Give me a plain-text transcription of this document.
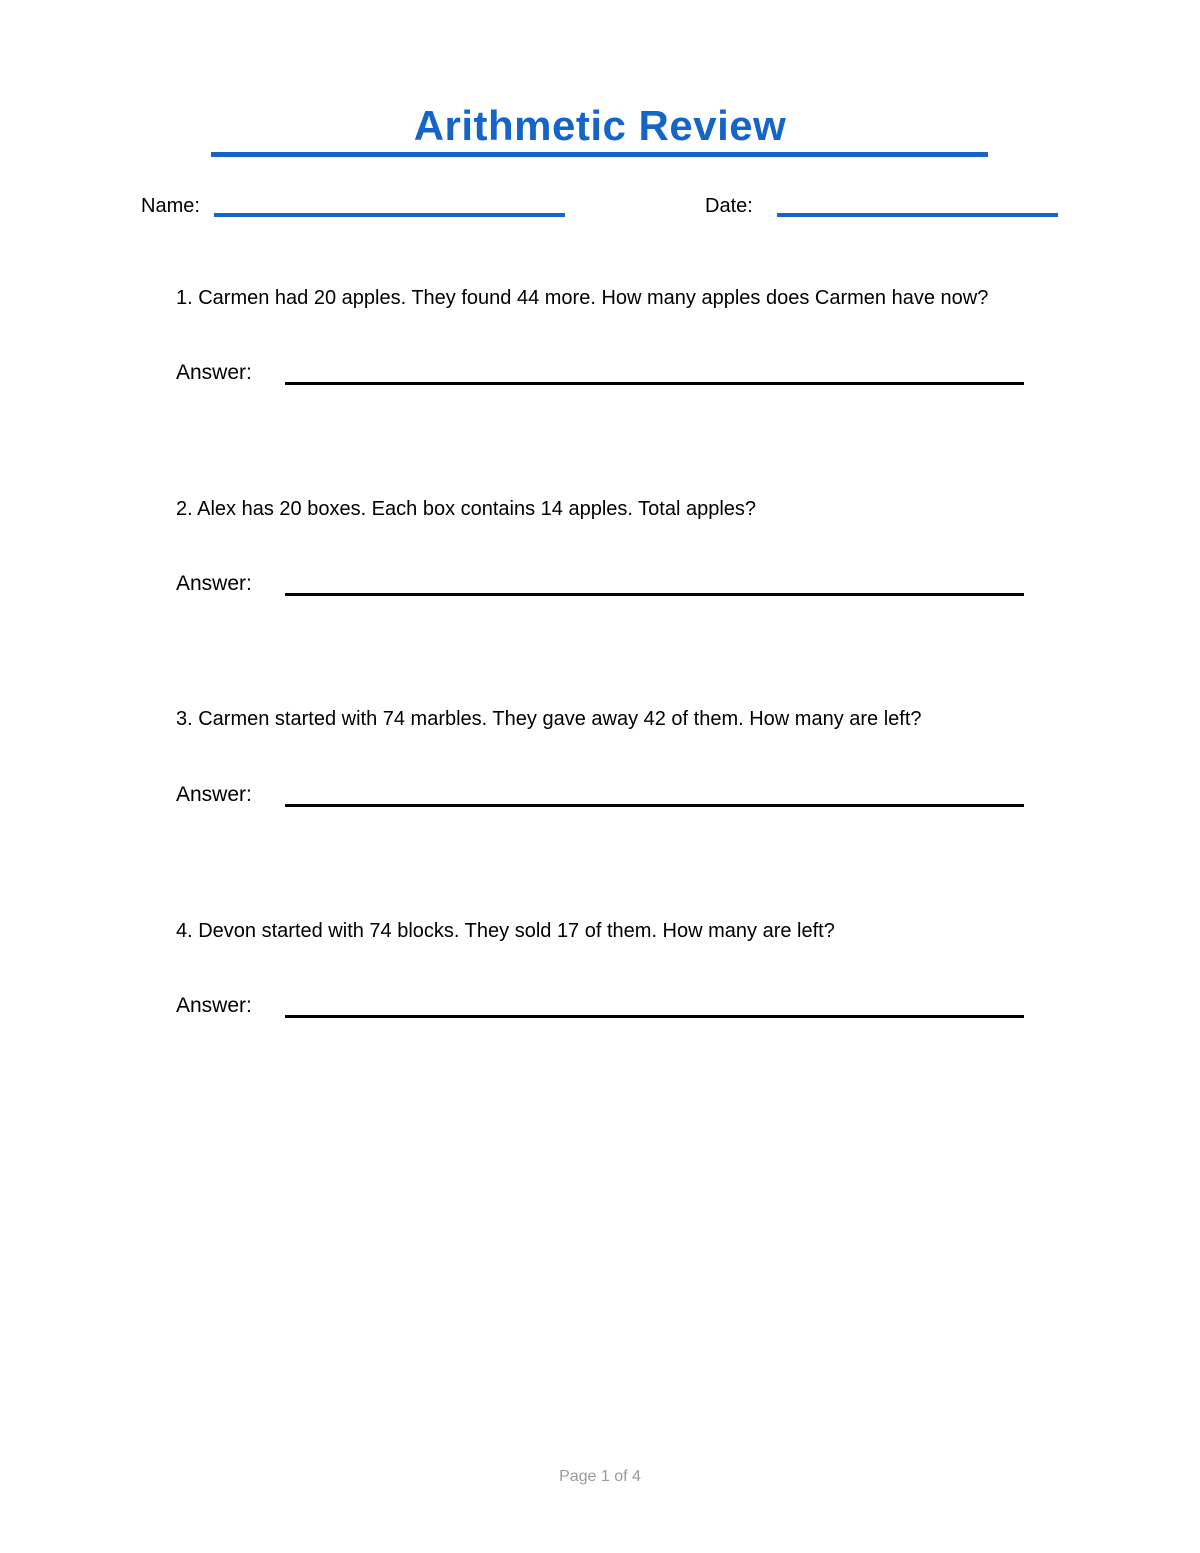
Arithmetic Review
Name:	Date:
1. Carmen had 20 apples. They found 44 more. How many apples does Carmen have now?
Answer:
2. Alex has 20 boxes. Each box contains 14 apples. Total apples?
Answer:
3. Carmen started with 74 marbles. They gave away 42 of them. How many are left?
Answer:
4. Devon started with 74 blocks. They sold 17 of them. How many are left?
Answer:
Page 1 of 4
